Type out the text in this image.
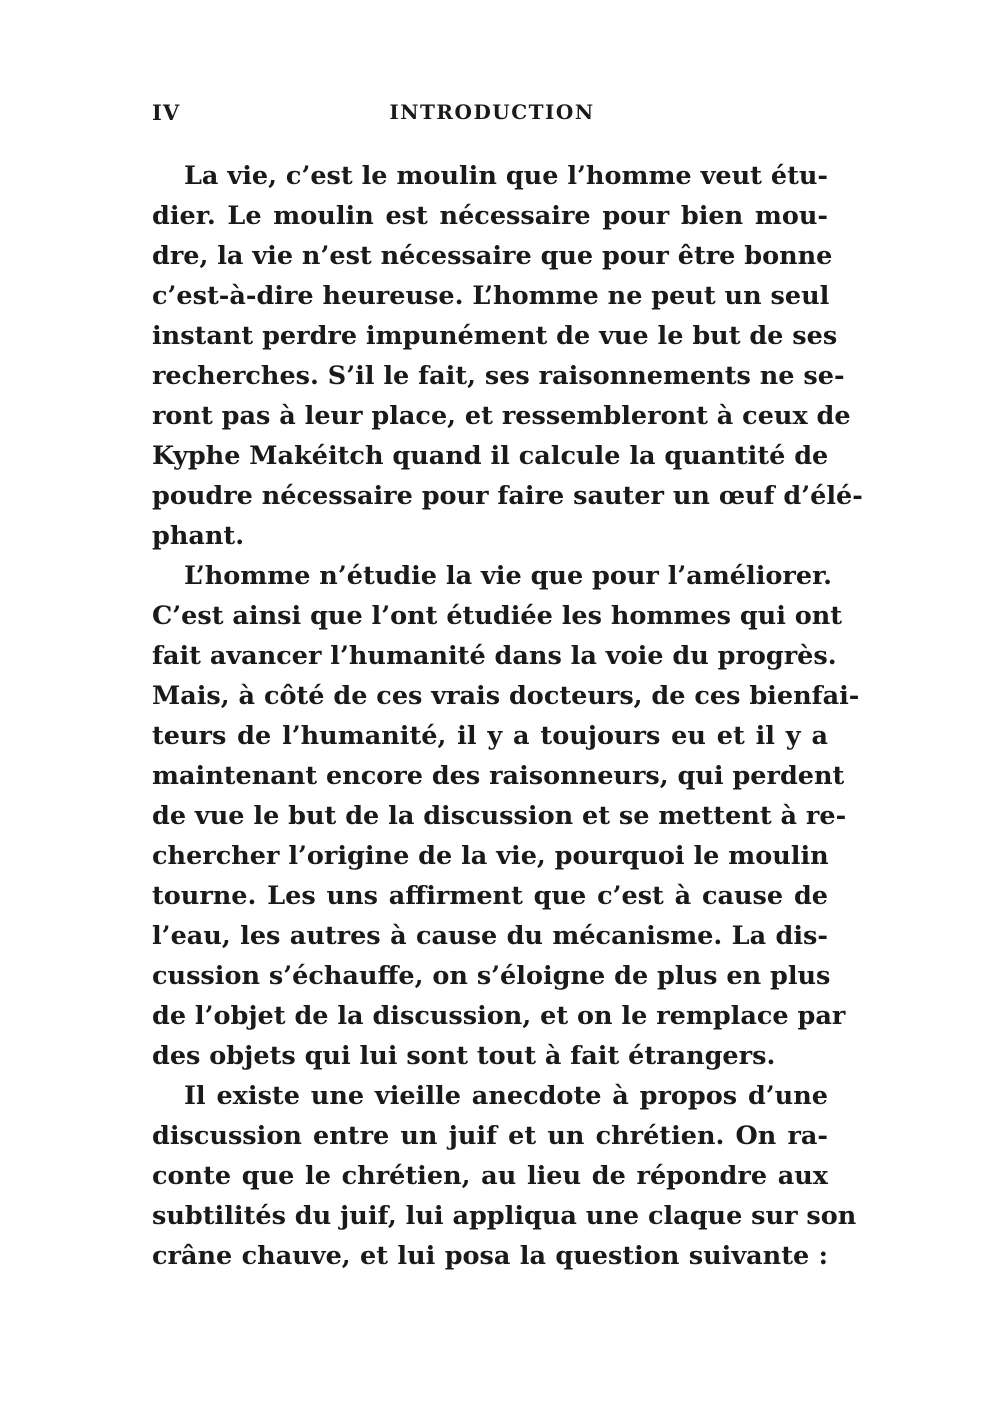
IV	INTRODUCTION
La vie, c’est le moulin que l’homme veut étu-
dier. Le moulin est nécessaire pour bien mou-
dre, la vie n’est nécessaire que pour être bonne
c’est-à-dire heureuse. L’homme ne peut un seul
instant perdre impunément de vue le but de ses
recherches. S’il le fait, ses raisonnements ne se-
ront pas à leur place, et ressembleront à ceux de
Kyphe Makéitch quand il calcule la quantité de
poudre nécessaire pour faire sauter un œuf d’élé-
phant.
L’homme n’étudie la vie que pour l’améliorer.
C’est ainsi que l’ont étudiée les hommes qui ont
fait avancer l’humanité dans la voie du progrès.
Mais, à côté de ces vrais docteurs, de ces bienfai-
teurs de l’humanité, il y a toujours eu et il y a
maintenant encore des raisonneurs, qui perdent
de vue le but de la discussion et se mettent à re-
chercher l’origine de la vie, pourquoi le moulin
tourne. Les uns affirment que c’est à cause de
l’eau, les autres à cause du mécanisme. La dis-
cussion s’échauffe, on s’éloigne de plus en plus
de l’objet de la discussion, et on le remplace par
des objets qui lui sont tout à fait étrangers.
Il existe une vieille anecdote à propos d’une
discussion entre un juif et un chrétien. On ra-
conte que le chrétien, au lieu de répondre aux
subtilités du juif, lui appliqua une claque sur son
crâne chauve, et lui posa la question suivante :
